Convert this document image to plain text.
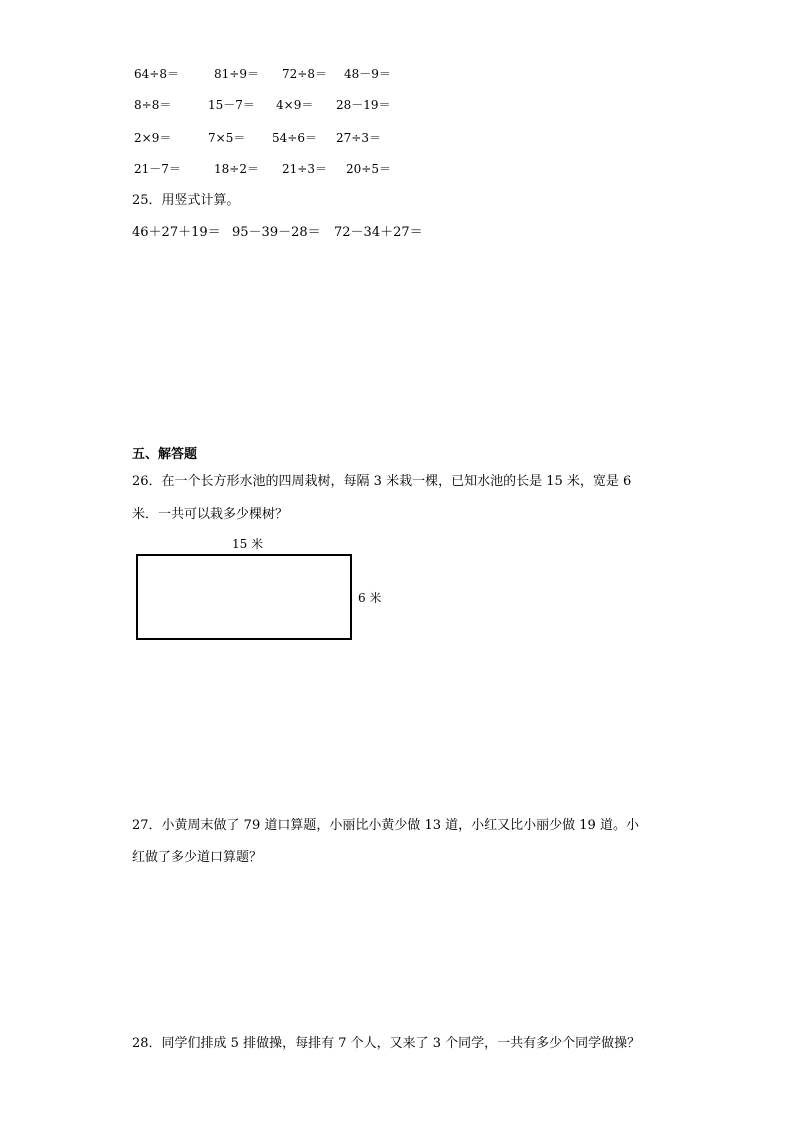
64÷8＝	81÷9＝ 72÷8＝ 48－9＝
8÷8＝	15－7＝ 4×9＝ 28－19＝
2×9＝	7×5＝ 54÷6＝ 27÷3＝
21－7＝	18÷2＝ 21÷3＝ 20÷5＝
25．用竖式计算。
46＋27＋19＝ 95－39－28＝ 72－34＋27＝
五、解答题
26．在一个长方形水池的四周栽树，每隔 3 米栽一棵，已知水池的长是 15 米，宽是 6
米．一共可以栽多少棵树？
15 米
6 米
27．小黄周末做了 79 道口算题，小丽比小黄少做 13 道，小红又比小丽少做 19 道。小
红做了多少道口算题？
28．同学们排成 5 排做操，每排有 7 个人，又来了 3 个同学，一共有多少个同学做操？
